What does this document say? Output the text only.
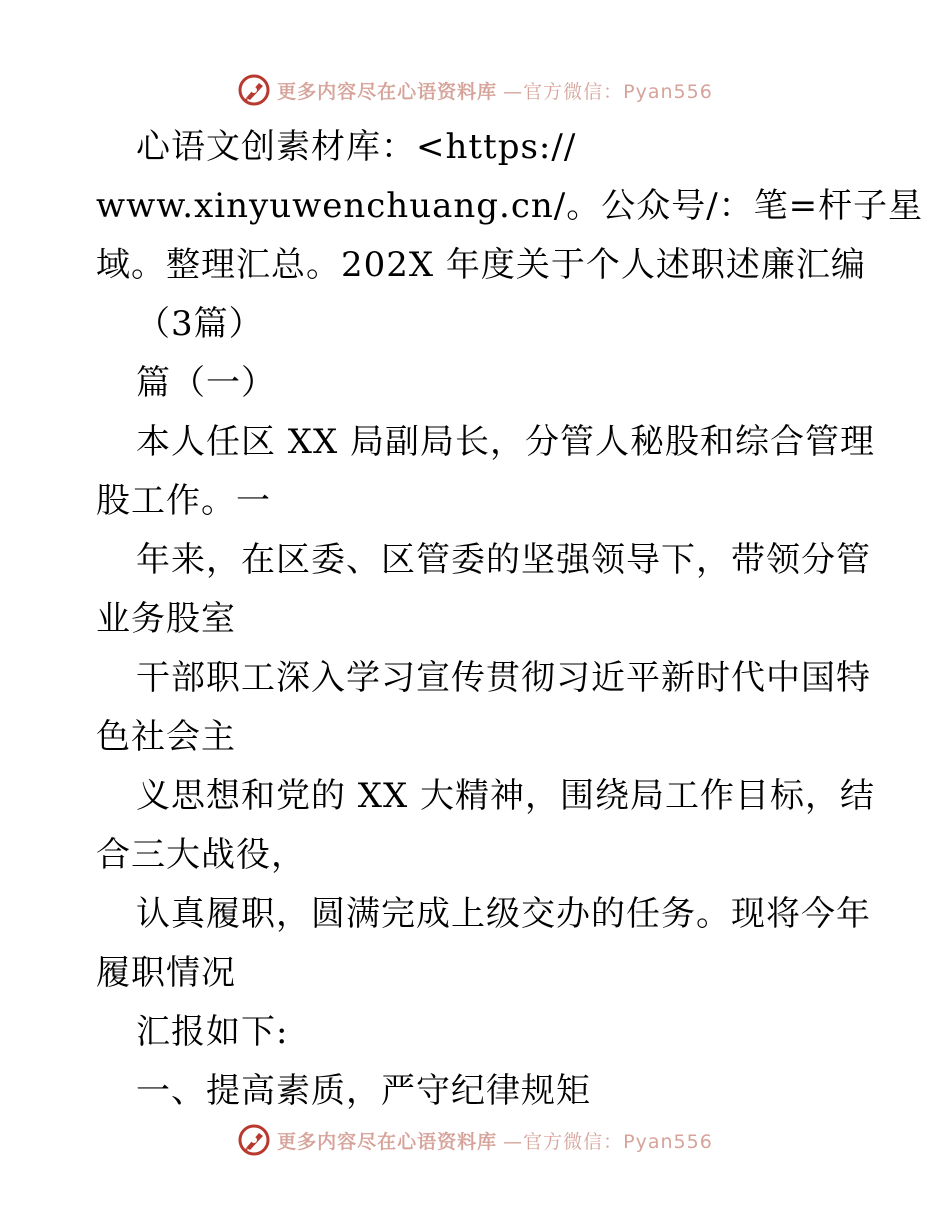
更多内容尽在心语资料库 —官方微信：Pyan556
心语文创素材库：<https://
www.xinyuwenchuang.cn/。公众号/：笔=杆子星
域。整理汇总。202X 年度关于个人述职述廉汇编
（3篇）
篇（一）
本人任区 XX 局副局长，分管人秘股和综合管理
股工作。一
年来，在区委、区管委的坚强领导下，带领分管
业务股室
干部职工深入学习宣传贯彻习近平新时代中国特
色社会主
义思想和党的 XX 大精神，围绕局工作目标，结
合三大战役，
认真履职，圆满完成上级交办的任务。现将今年
履职情况
汇报如下:
一、提高素质，严守纪律规矩
更多内容尽在心语资料库 —官方微信：Pyan556
